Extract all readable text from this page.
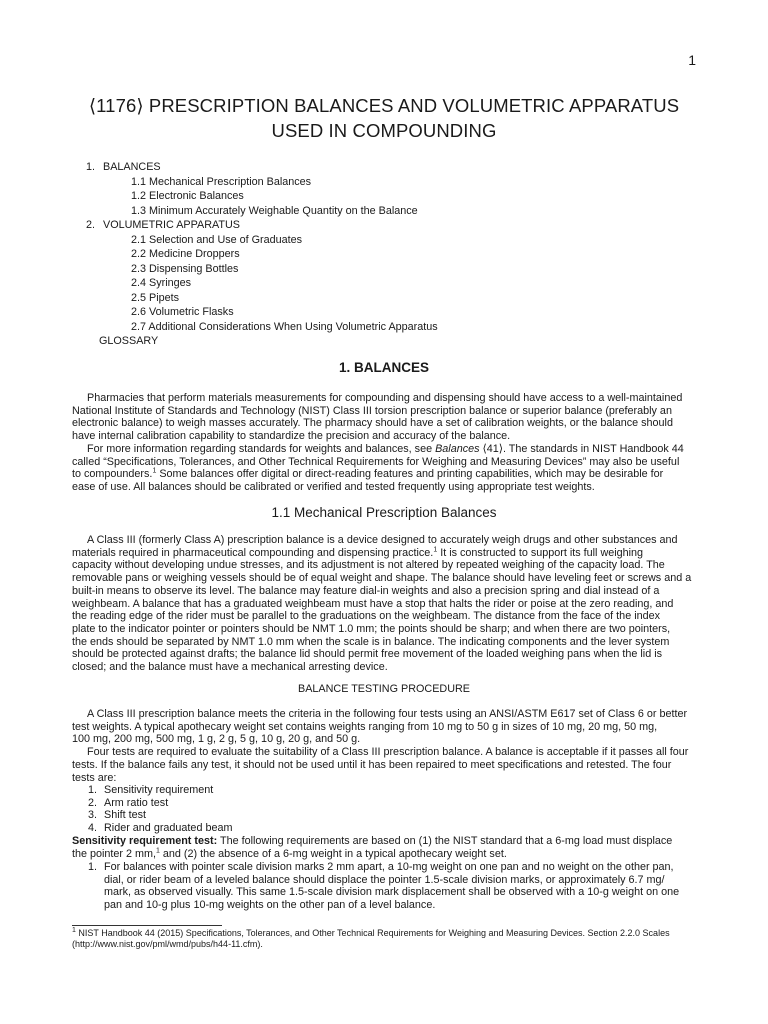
1
⟨1176⟩ PRESCRIPTION BALANCES AND VOLUMETRIC APPARATUS
USED IN COMPOUNDING
1. BALANCES
1.1 Mechanical Prescription Balances
1.2 Electronic Balances
1.3 Minimum Accurately Weighable Quantity on the Balance
2. VOLUMETRIC APPARATUS
2.1 Selection and Use of Graduates
2.2 Medicine Droppers
2.3 Dispensing Bottles
2.4 Syringes
2.5 Pipets
2.6 Volumetric Flasks
2.7 Additional Considerations When Using Volumetric Apparatus
GLOSSARY
1. BALANCES
Pharmacies that perform materials measurements for compounding and dispensing should have access to a well-maintained
National Institute of Standards and Technology (NIST) Class III torsion prescription balance or superior balance (preferably an
electronic balance) to weigh masses accurately. The pharmacy should have a set of calibration weights, or the balance should
have internal calibration capability to standardize the precision and accuracy of the balance.
For more information regarding standards for weights and balances, see Balances ⟨41⟩. The standards in NIST Handbook 44
called “Specifications, Tolerances, and Other Technical Requirements for Weighing and Measuring Devices” may also be useful
to compounders.$^1$ Some balances offer digital or direct-reading features and printing capabilities, which may be desirable for
ease of use. All balances should be calibrated or verified and tested frequently using appropriate test weights.
1.1 Mechanical Prescription Balances
A Class III (formerly Class A) prescription balance is a device designed to accurately weigh drugs and other substances and
materials required in pharmaceutical compounding and dispensing practice.$^1$ It is constructed to support its full weighing
capacity without developing undue stresses, and its adjustment is not altered by repeated weighing of the capacity load. The
removable pans or weighing vessels should be of equal weight and shape. The balance should have leveling feet or screws and a
built-in means to observe its level. The balance may feature dial-in weights and also a precision spring and dial instead of a
weighbeam. A balance that has a graduated weighbeam must have a stop that halts the rider or poise at the zero reading, and
the reading edge of the rider must be parallel to the graduations on the weighbeam. The distance from the face of the index
plate to the indicator pointer or pointers should be NMT 1.0 mm; the points should be sharp; and when there are two pointers,
the ends should be separated by NMT 1.0 mm when the scale is in balance. The indicating components and the lever system
should be protected against drafts; the balance lid should permit free movement of the loaded weighing pans when the lid is
closed; and the balance must have a mechanical arresting device.
BALANCE TESTING PROCEDURE
A Class III prescription balance meets the criteria in the following four tests using an ANSI/ASTM E617 set of Class 6 or better
test weights. A typical apothecary weight set contains weights ranging from 10 mg to 50 g in sizes of 10 mg, 20 mg, 50 mg,
100 mg, 200 mg, 500 mg, 1 g, 2 g, 5 g, 10 g, 20 g, and 50 g.
Four tests are required to evaluate the suitability of a Class III prescription balance. A balance is acceptable if it passes all four
tests. If the balance fails any test, it should not be used until it has been repaired to meet specifications and retested. The four
tests are:
1. Sensitivity requirement
2. Arm ratio test
3. Shift test
4. Rider and graduated beam
Sensitivity requirement test: The following requirements are based on (1) the NIST standard that a 6-mg load must displace
the pointer 2 mm,$^1$ and (2) the absence of a 6-mg weight in a typical apothecary weight set.
1. For balances with pointer scale division marks 2 mm apart, a 10-mg weight on one pan and no weight on the other pan,
dial, or rider beam of a leveled balance should displace the pointer 1.5-scale division marks, or approximately 6.7 mg/
mark, as observed visually. This same 1.5-scale division mark displacement shall be observed with a 10-g weight on one
pan and 10-g plus 10-mg weights on the other pan of a level balance.
$^1$ NIST Handbook 44 (2015) Specifications, Tolerances, and Other Technical Requirements for Weighing and Measuring Devices. Section 2.2.0 Scales
(http://www.nist.gov/pml/wmd/pubs/h44-11.cfm).
